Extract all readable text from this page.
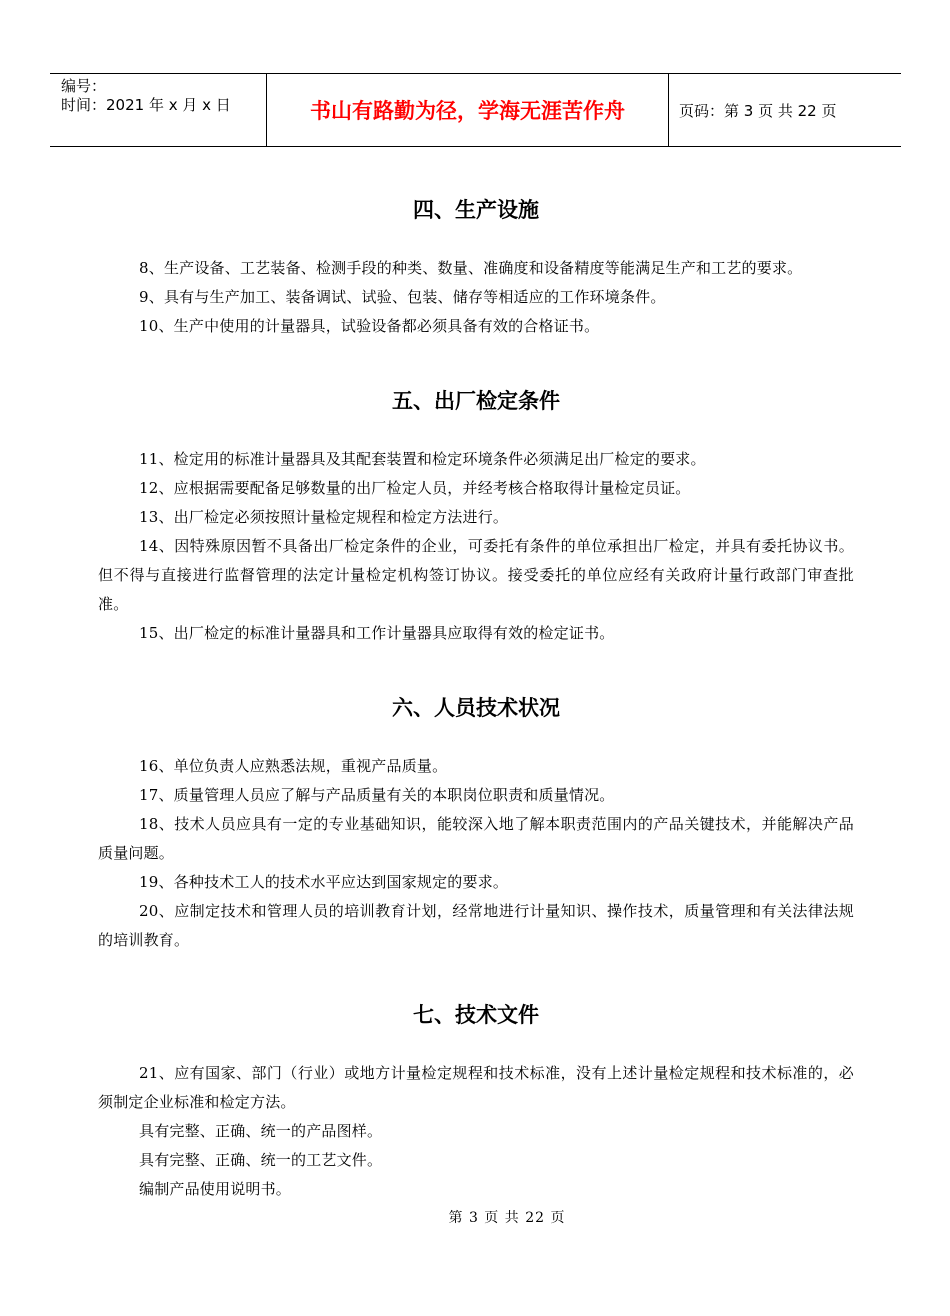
编号：
时间：2021 年 x 月 x 日	书山有路勤为径，学海无涯苦作舟	页码：第 3 页 共 22 页
四、生产设施

8、生产设备、工艺装备、检测手段的种类、数量、准确度和设备精度等能满足生产和工艺的要求。

9、具有与生产加工、装备调试、试验、包装、储存等相适应的工作环境条件。

10、生产中使用的计量器具，试验设备都必须具备有效的合格证书。

五、出厂检定条件

11、检定用的标准计量器具及其配套装置和检定环境条件必须满足出厂检定的要求。

12、应根据需要配备足够数量的出厂检定人员，并经考核合格取得计量检定员证。

13、出厂检定必须按照计量检定规程和检定方法进行。

14、因特殊原因暂不具备出厂检定条件的企业，可委托有条件的单位承担出厂检定，并具有委托协议书。但不得与直接进行监督管理的法定计量检定机构签订协议。接受委托的单位应经有关政府计量行政部门审查批准。

15、出厂检定的标准计量器具和工作计量器具应取得有效的检定证书。

六、人员技术状况

16、单位负责人应熟悉法规，重视产品质量。

17、质量管理人员应了解与产品质量有关的本职岗位职责和质量情况。

18、技术人员应具有一定的专业基础知识，能较深入地了解本职责范围内的产品关键技术，并能解决产品质量问题。

19、各种技术工人的技术水平应达到国家规定的要求。

20、应制定技术和管理人员的培训教育计划，经常地进行计量知识、操作技术，质量管理和有关法律法规的培训教育。

七、技术文件

21、应有国家、部门（行业）或地方计量检定规程和技术标准，没有上述计量检定规程和技术标准的，必须制定企业标准和检定方法。

具有完整、正确、统一的产品图样。

具有完整、正确、统一的工艺文件。

编制产品使用说明书。

第 3 页 共 22 页
